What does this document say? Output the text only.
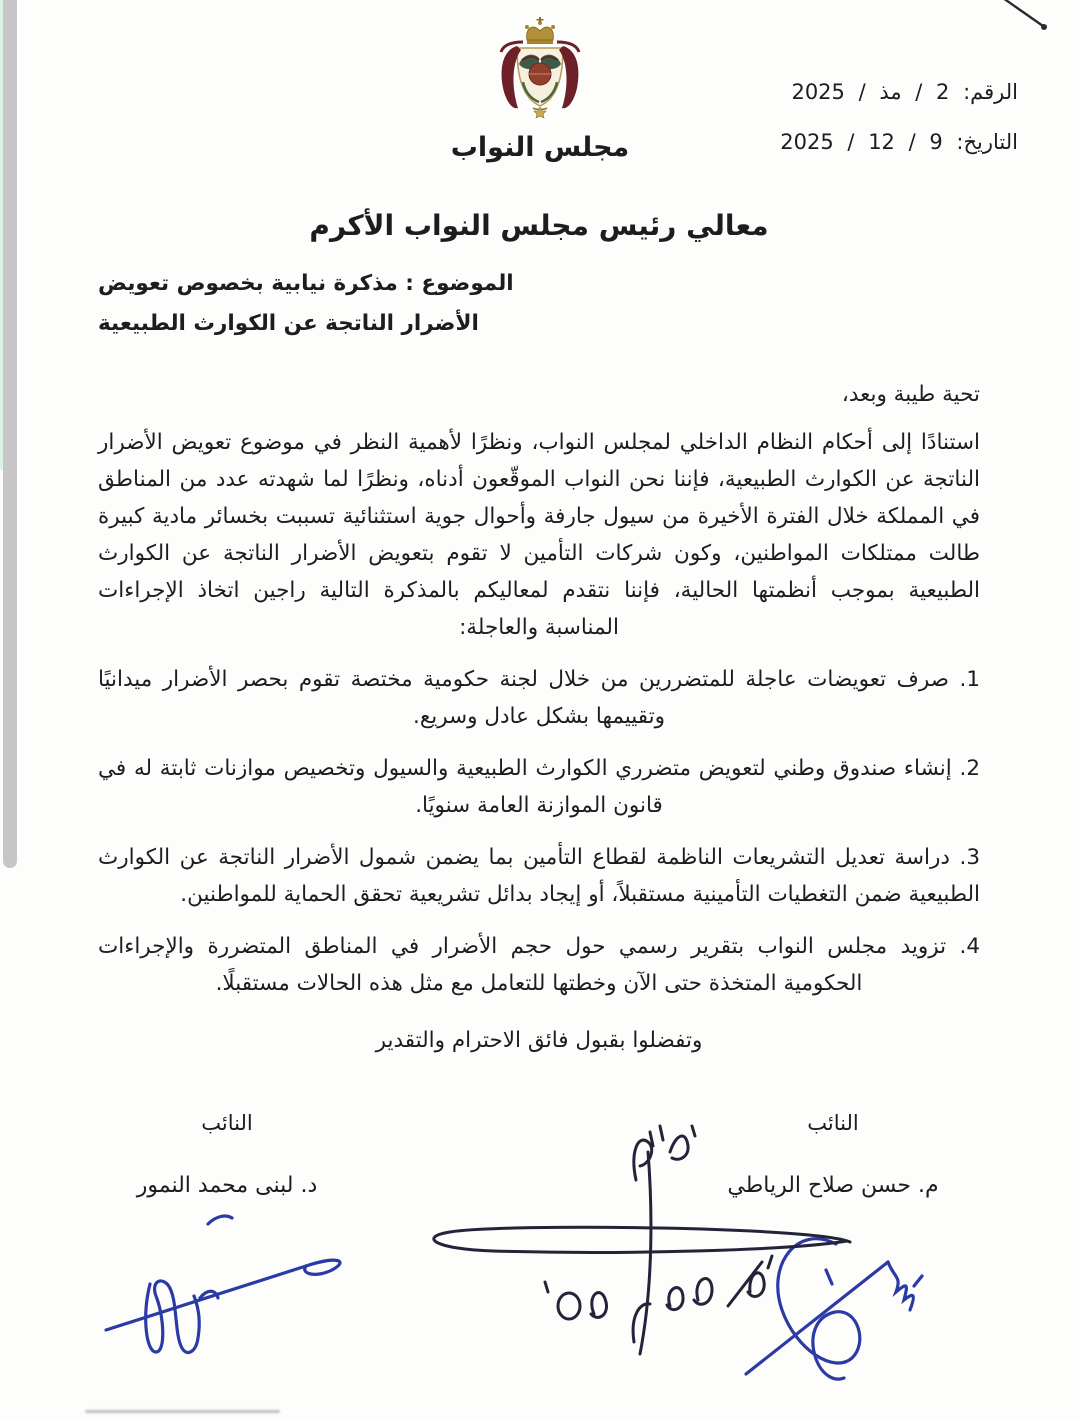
الرقم: 2 / مذ / 2025
التاريخ: 9 / 12 / 2025
مجلس النواب
معالي رئيس مجلس النواب الأكرم
الموضوع : مذكرة نيابية بخصوص تعويض
الأضرار الناتجة عن الكوارث الطبيعية
تحية طيبة وبعد،

استنادًا إلى أحكام النظام الداخلي لمجلس النواب، ونظرًا لأهمية النظر في موضوع تعويض الأضرار الناتجة عن الكوارث الطبيعية، فإننا نحن النواب الموقّعون أدناه، ونظرًا لما شهدته عدد من المناطق في المملكة خلال الفترة الأخيرة من سيول جارفة وأحوال جوية استثنائية تسببت بخسائر مادية كبيرة طالت ممتلكات المواطنين، وكون شركات التأمين لا تقوم بتعويض الأضرار الناتجة عن الكوارث الطبيعية بموجب أنظمتها الحالية، فإننا نتقدم لمعاليكم بالمذكرة التالية راجين اتخاذ الإجراءات المناسبة والعاجلة:

1. صرف تعويضات عاجلة للمتضررين من خلال لجنة حكومية مختصة تقوم بحصر الأضرار ميدانيًا وتقييمها بشكل عادل وسريع.

2. إنشاء صندوق وطني لتعويض متضرري الكوارث الطبيعية والسيول وتخصيص موازنات ثابتة له في قانون الموازنة العامة سنويًا.

3. دراسة تعديل التشريعات الناظمة لقطاع التأمين بما يضمن شمول الأضرار الناتجة عن الكوارث الطبيعية ضمن التغطيات التأمينية مستقبلاً، أو إيجاد بدائل تشريعية تحقق الحماية للمواطنين.

4. تزويد مجلس النواب بتقرير رسمي حول حجم الأضرار في المناطق المتضررة والإجراءات الحكومية المتخذة حتى الآن وخطتها للتعامل مع مثل هذه الحالات مستقبلًا.

وتفضلوا بقبول فائق الاحترام والتقدير
النائب
م. حسن صلاح الرياطي
النائب
د. لبنى محمد النمور
